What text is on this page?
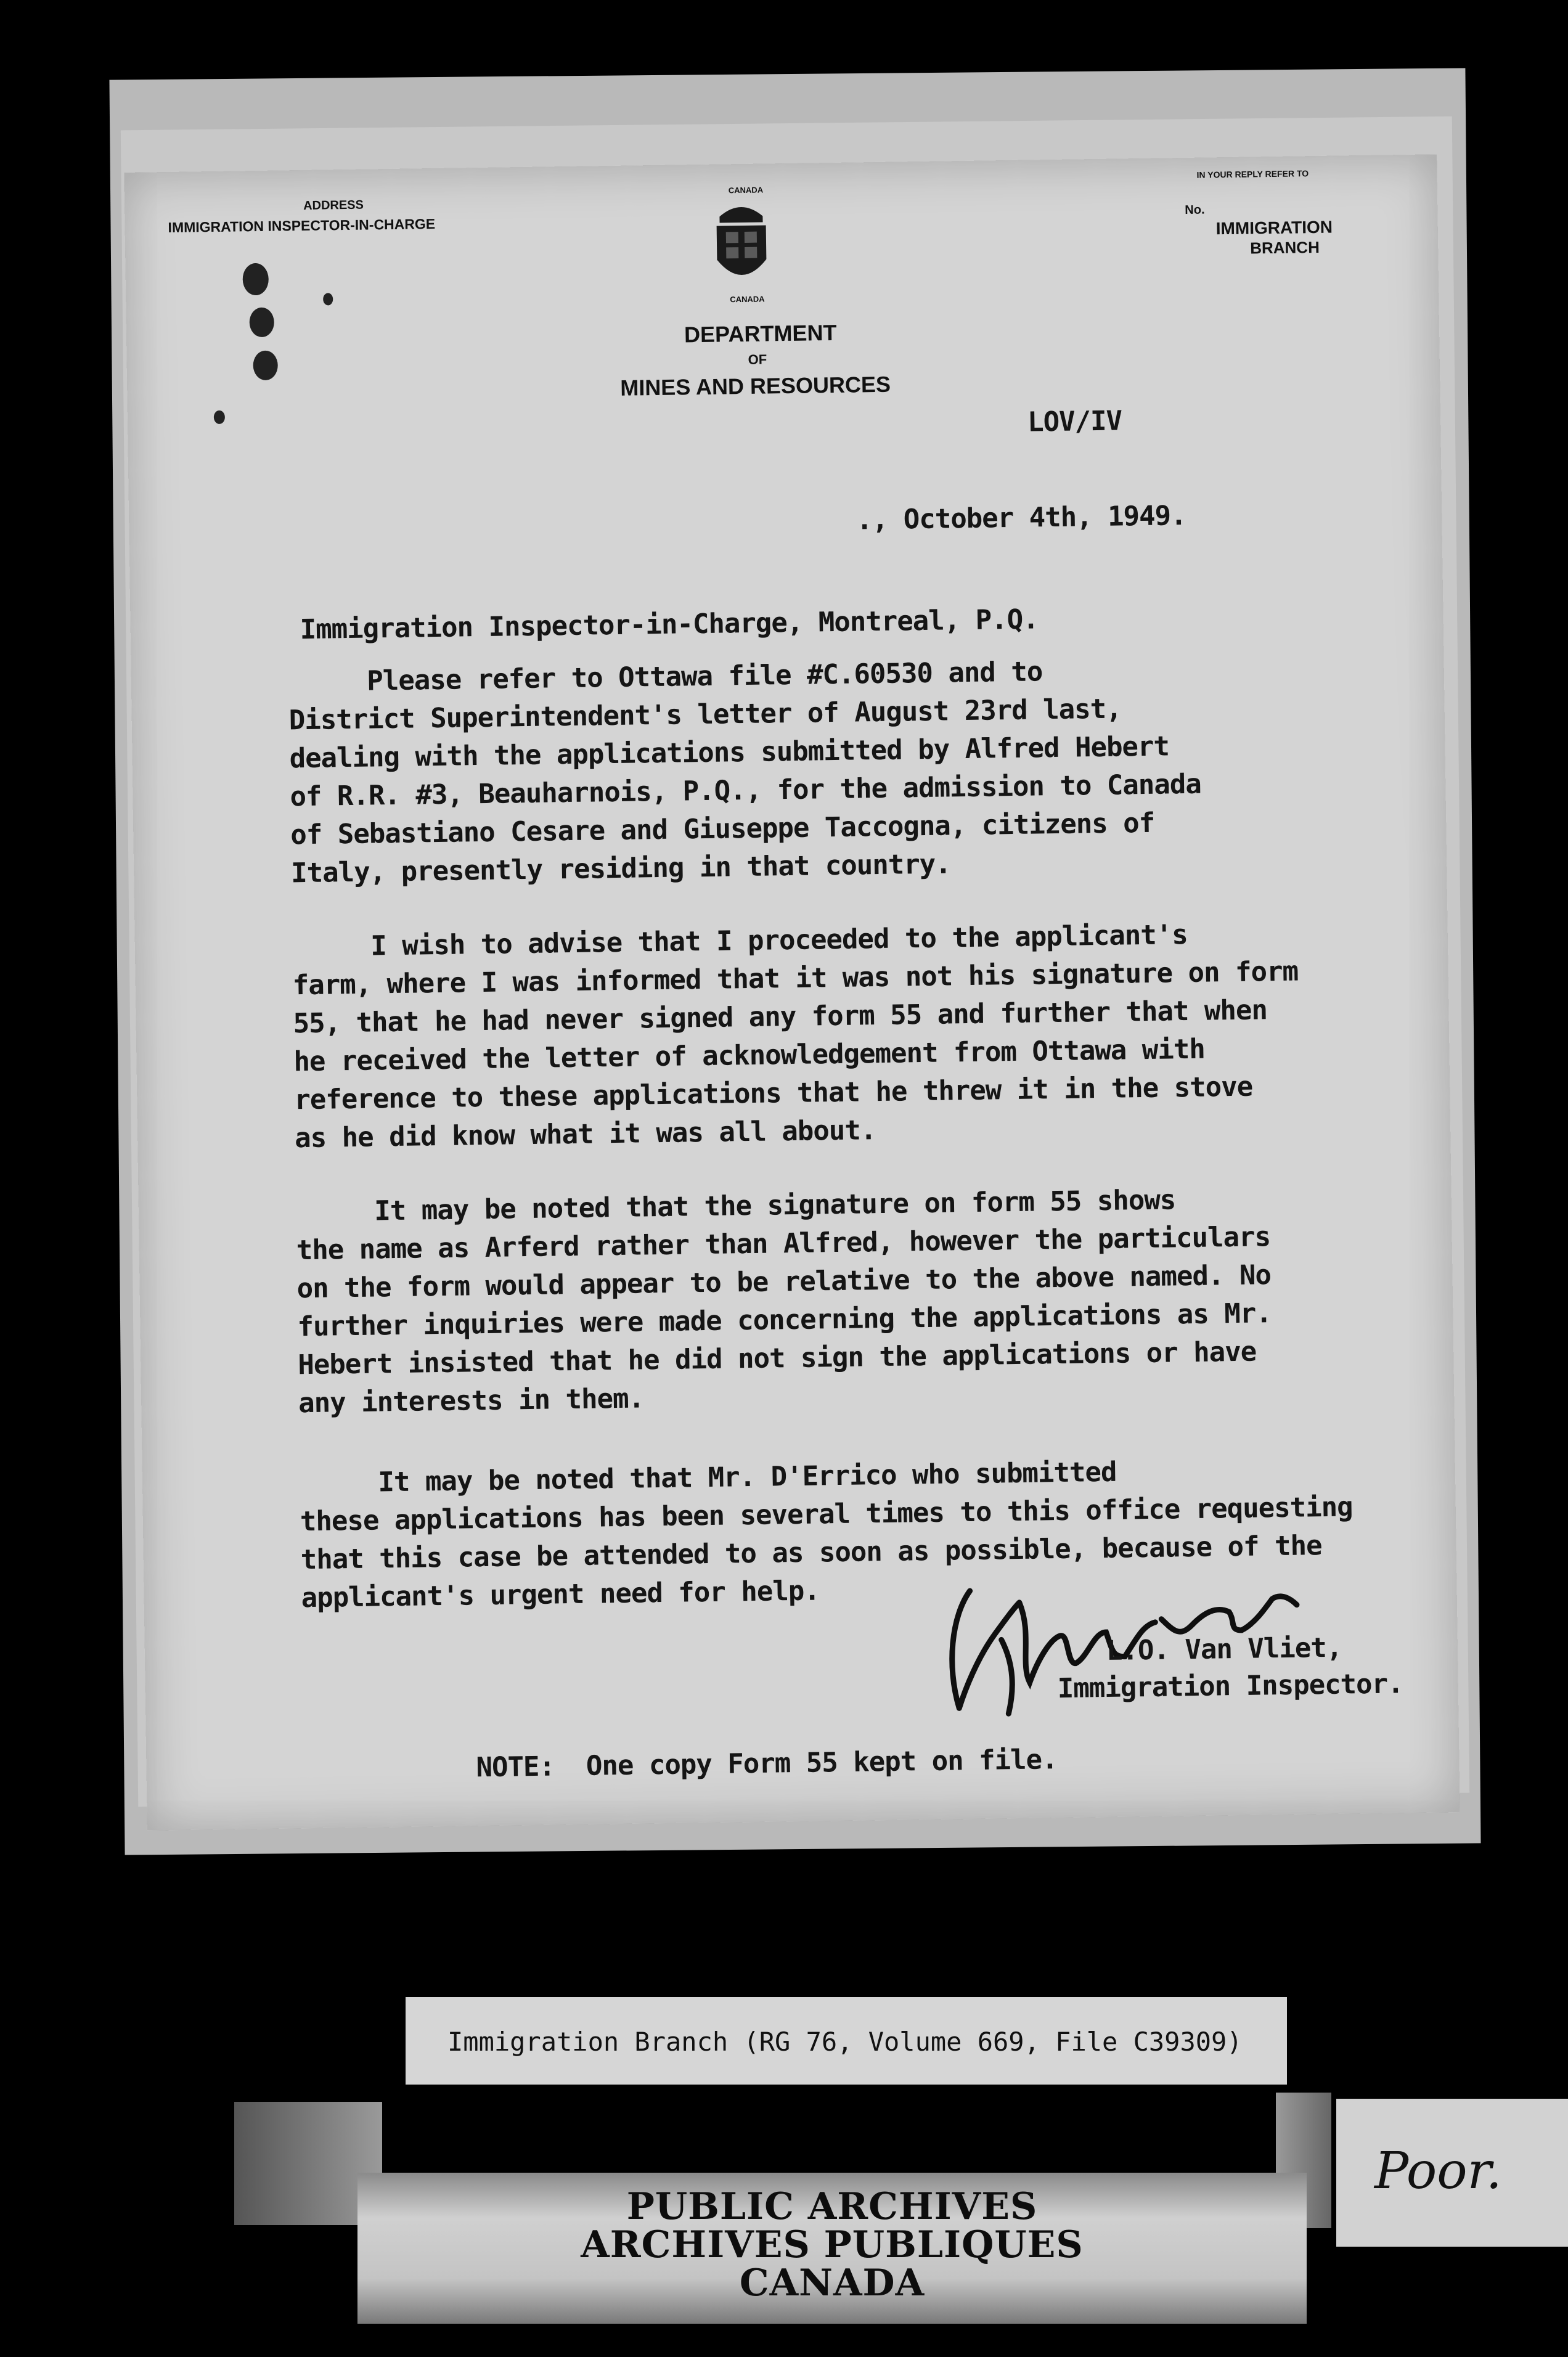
ADDRESS
IMMIGRATION INSPECTOR-IN-CHARGE
CANADA
CANADA
DEPARTMENT
OF
MINES AND RESOURCES
IN YOUR REPLY REFER TO
No.
IMMIGRATION
BRANCH
LOV/IV
., October 4th, 1949.
Immigration Inspector-in-Charge, Montreal, P.Q.
Please refer to Ottawa file #C.60530 and to
District Superintendent's letter of August 23rd last,
dealing with the applications submitted by Alfred Hebert
of R.R. #3, Beauharnois, P.Q., for the admission to Canada
of Sebastiano Cesare and Giuseppe Taccogna, citizens of
Italy, presently residing in that country.
I wish to advise that I proceeded to the applicant's
farm, where I was informed that it was not his signature on form
55, that he had never signed any form 55 and further that when
he received the letter of acknowledgement from Ottawa with
reference to these applications that he threw it in the stove
as he did know what it was all about.
It may be noted that the signature on form 55 shows
the name as Arferd rather than Alfred, however the particulars
on the form would appear to be relative to the above named. No
further inquiries were made concerning the applications as Mr.
Hebert insisted that he did not sign the applications or have
any interests in them.
It may be noted that Mr. D'Errico who submitted
these applications has been several times to this office requesting
that this case be attended to as soon as possible, because of the
applicant's urgent need for help.
L.O. Van Vliet,
Immigration Inspector.
NOTE:  One copy Form 55 kept on file.
Immigration Branch (RG 76, Volume 669, File C39309)
PUBLIC ARCHIVES
ARCHIVES PUBLIQUES
CANADA
Poor.
